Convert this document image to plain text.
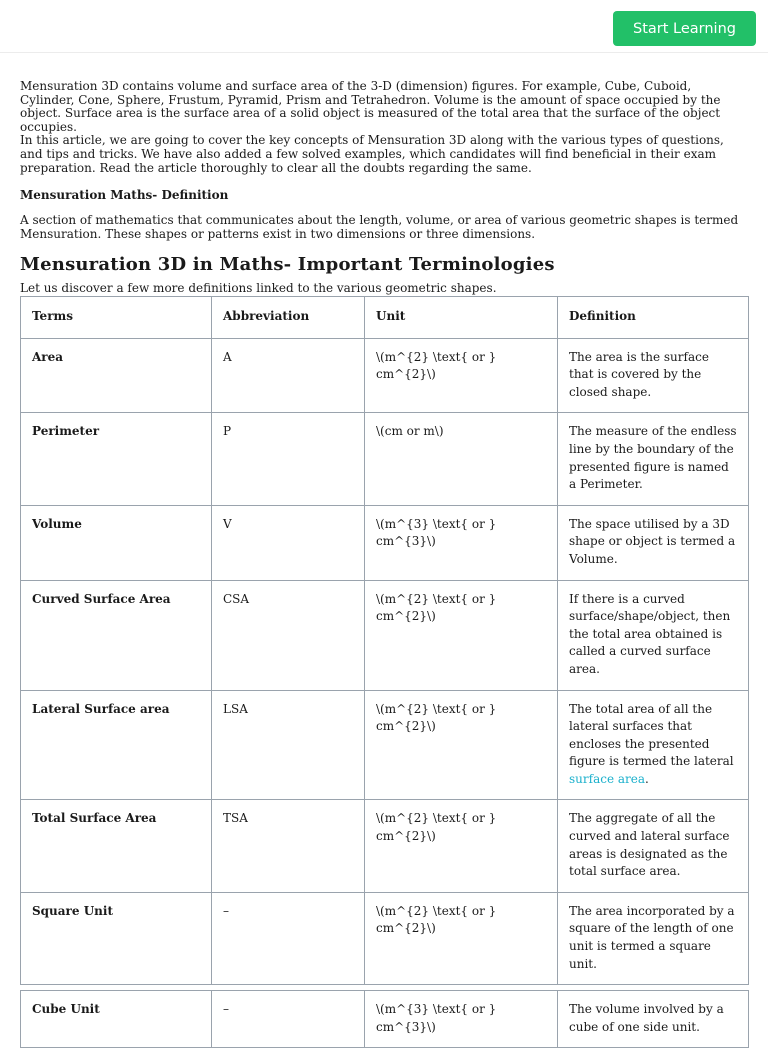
Start Learning

Mensuration 3D contains volume and surface area of the 3-D (dimension) figures. For example, Cube, Cuboid, Cylinder, Cone, Sphere, Frustum, Pyramid, Prism and Tetrahedron. Volume is the amount of space occupied by the object. Surface area is the surface area of a solid object is measured of the total area that the surface of the object occupies.

In this article, we are going to cover the key concepts of Mensuration 3D along with the various types of questions, and tips and tricks. We have also added a few solved examples, which candidates will find beneficial in their exam preparation. Read the article thoroughly to clear all the doubts regarding the same.

Mensuration Maths- Definition

A section of mathematics that communicates about the length, volume, or area of various geometric shapes is termed Mensuration. These shapes or patterns exist in two dimensions or three dimensions.

Mensuration 3D in Maths- Important Terminologies

Let us discover a few more definitions linked to the various geometric shapes.

Terms	Abbreviation	Unit	Definition
Area	A	\(m^{2} \text{ or } cm^{2}\)	The area is the surface that is covered by the closed shape.
Perimeter	P	\(cm or m\)	The measure of the endless line by the boundary of the presented figure is named a Perimeter.
Volume	V	\(m^{3} \text{ or } cm^{3}\)	The space utilised by a 3D shape or object is termed a Volume.
Curved Surface Area	CSA	\(m^{2} \text{ or } cm^{2}\)	If there is a curved surface/shape/object, then the total area obtained is called a curved surface area.
Lateral Surface area	LSA	\(m^{2} \text{ or } cm^{2}\)	The total area of all the lateral surfaces that encloses the presented figure is termed the lateral surface area.
Total Surface Area	TSA	\(m^{2} \text{ or } cm^{2}\)	The aggregate of all the curved and lateral surface areas is designated as the total surface area.
Square Unit	–	\(m^{2} \text{ or } cm^{2}\)	The area incorporated by a square of the length of one unit is termed a square unit.
Cube Unit	–	\(m^{3} \text{ or } cm^{3}\)	The volume involved by a cube of one side unit.
